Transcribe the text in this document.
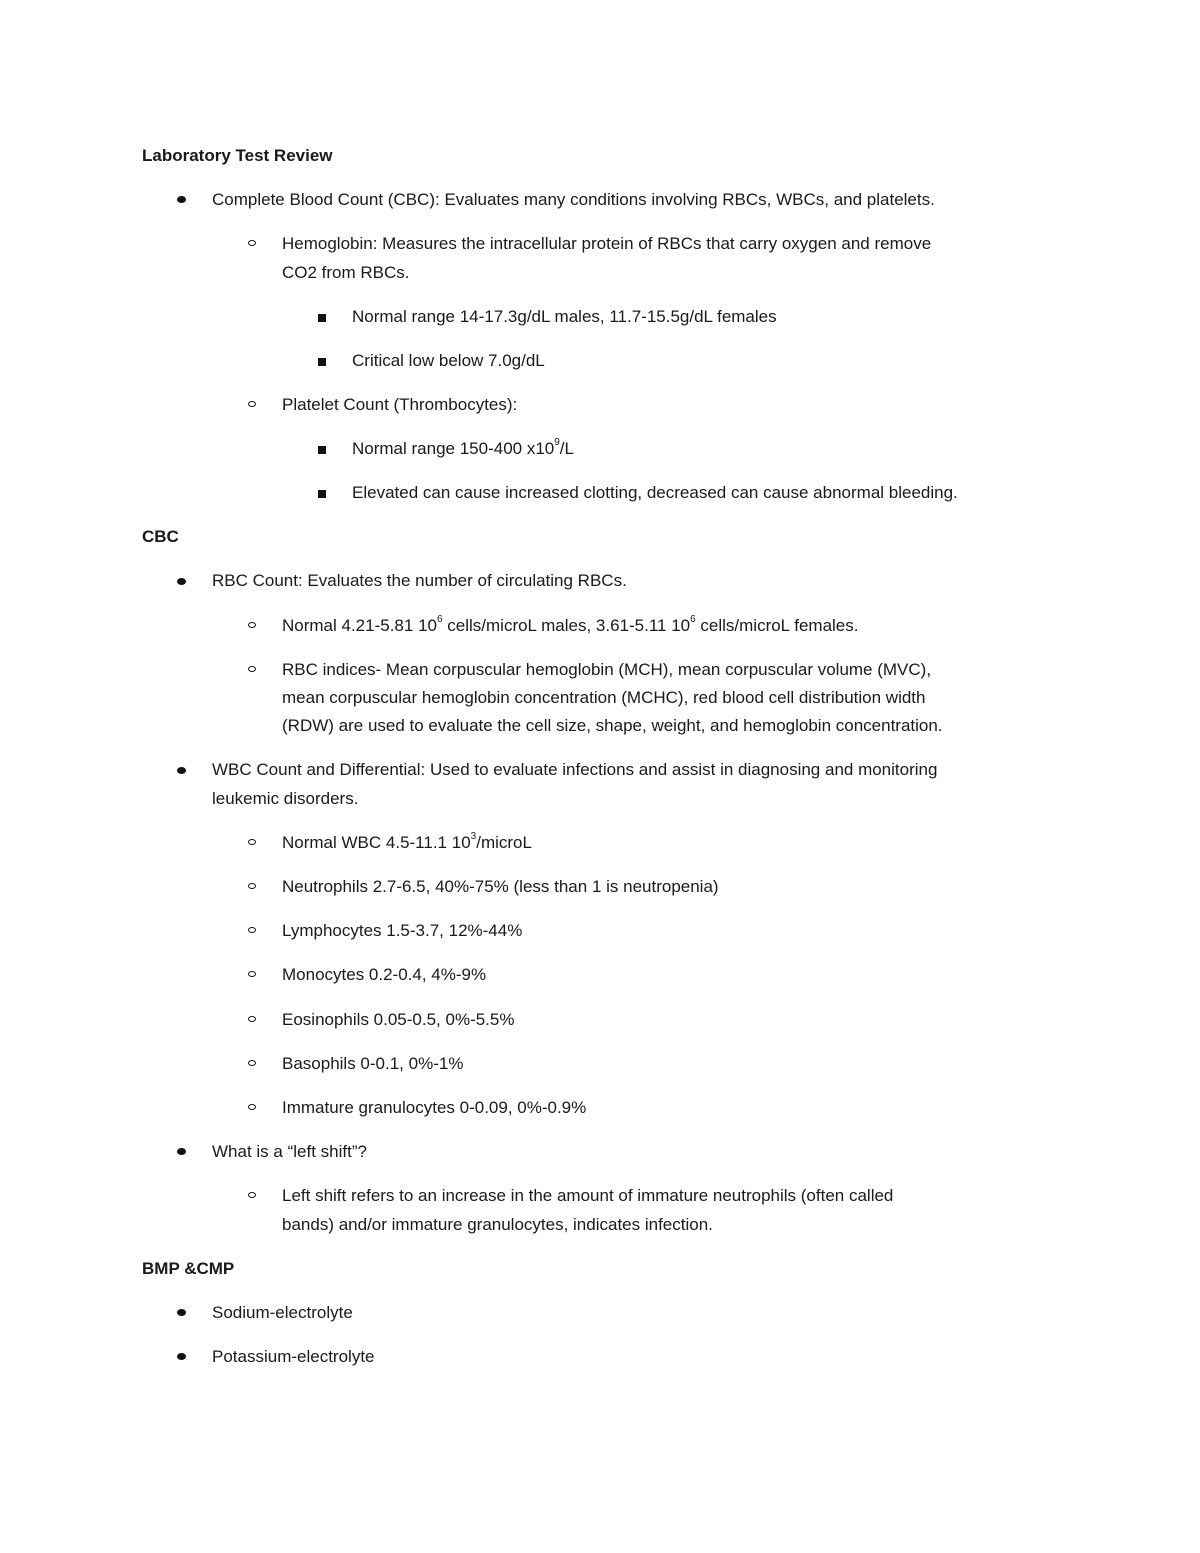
Laboratory Test Review
Complete Blood Count (CBC): Evaluates many conditions involving RBCs, WBCs, and platelets.
Hemoglobin: Measures the intracellular protein of RBCs that carry oxygen and remove
CO2 from RBCs.
Normal range 14-17.3g/dL males, 11.7-15.5g/dL females
Critical low below 7.0g/dL
Platelet Count (Thrombocytes):
Normal range 150-400 $x10^9/L$
Elevated can cause increased clotting, decreased can cause abnormal bleeding.
CBC
RBC Count: Evaluates the number of circulating RBCs.
Normal 4.21-5.81 $10^6$ cells/microL males, 3.61-5.11 $10^6$ cells/microL females.
RBC indices- Mean corpuscular hemoglobin (MCH), mean corpuscular volume (MVC),
mean corpuscular hemoglobin concentration (MCHC), red blood cell distribution width
(RDW) are used to evaluate the cell size, shape, weight, and hemoglobin concentration.
WBC Count and Differential: Used to evaluate infections and assist in diagnosing and monitoring
leukemic disorders.
Normal WBC 4.5-11.1 $10^3$/microL
Neutrophils 2.7-6.5, 40%-75% (less than 1 is neutropenia)
Lymphocytes 1.5-3.7, 12%-44%
Monocytes 0.2-0.4, 4%-9%
Eosinophils 0.05-0.5, 0%-5.5%
Basophils 0-0.1, 0%-1%
Immature granulocytes 0-0.09, 0%-0.9%
What is a “left shift”?
Left shift refers to an increase in the amount of immature neutrophils (often called
bands) and/or immature granulocytes, indicates infection.
BMP &CMP
Sodium-electrolyte
Potassium-electrolyte
